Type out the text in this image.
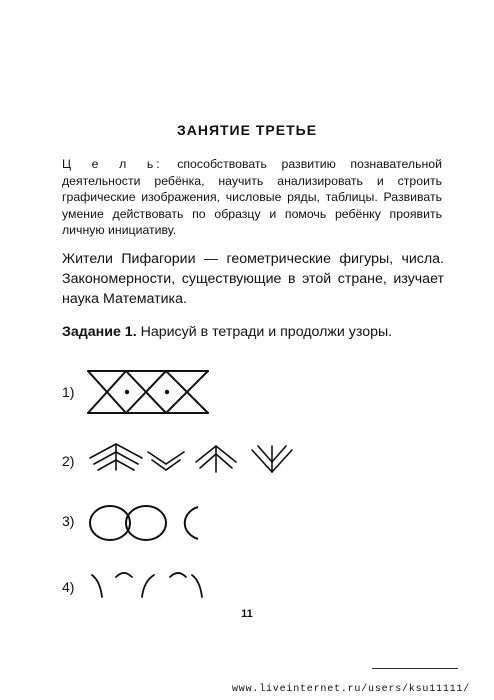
ЗАНЯТИЕ ТРЕТЬЕ
Ц е л ь: способствовать развитию познавательной деятельности ребёнка, научить анализировать и строить графические изображения, числовые ряды, таблицы. Развивать умение действовать по образцу и помочь ребёнку проявить личную инициативу.
Жители Пифагории — геометрические фигуры, числа. Закономерности, существующие в этой стране, изучает наука Математика.
Задание 1. Нарисуй в тетради и продолжи узоры.
1)
2)
3)
4)
11
www.liveinternet.ru/users/ksu11111/
